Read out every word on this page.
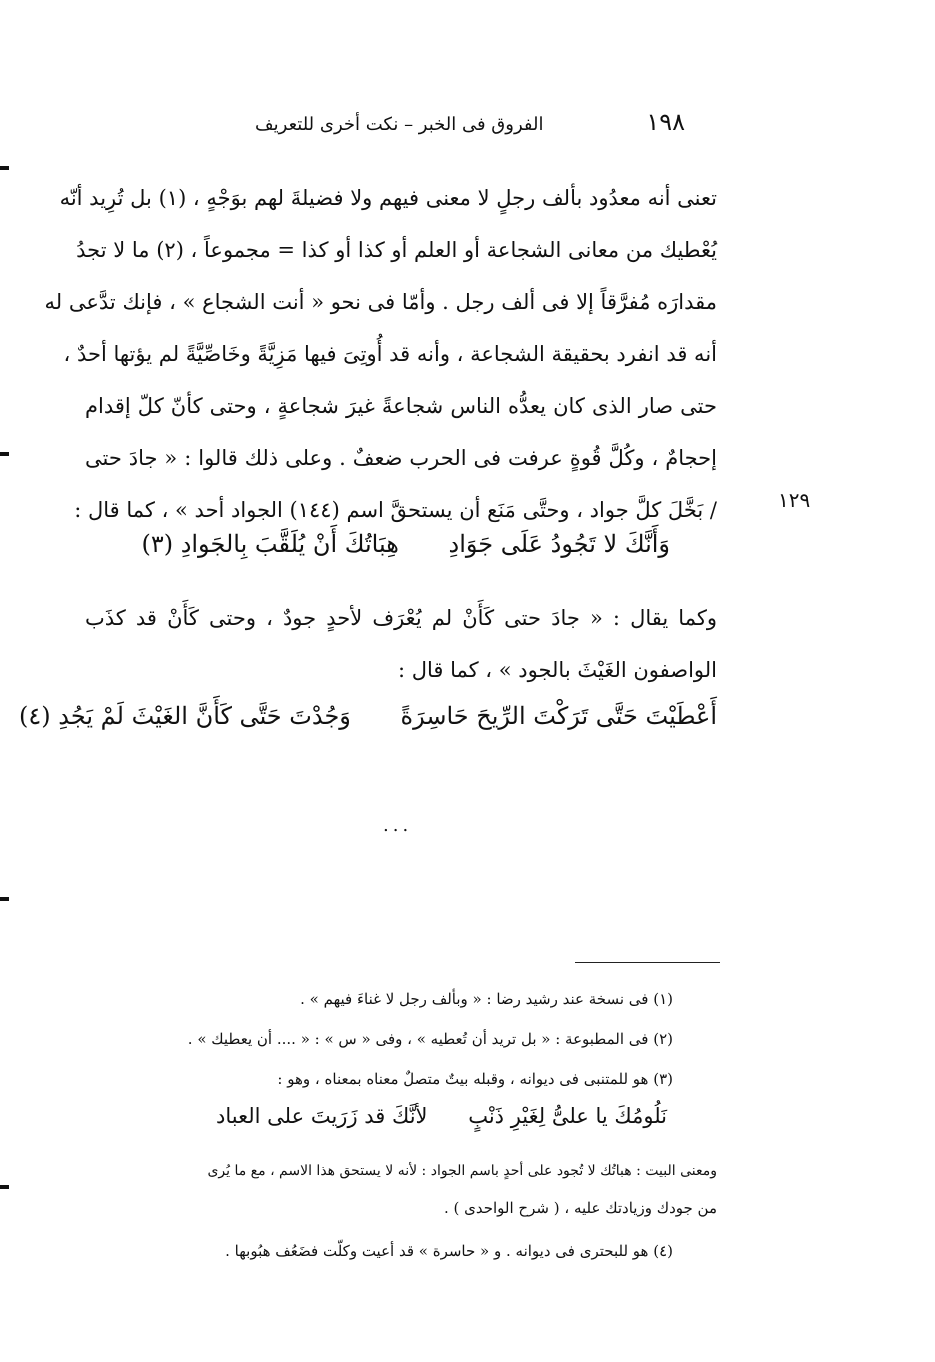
١٩٨
الفروق فى الخبر – نكت أخرى للتعريف
تعنى أنه معدُود بألف رجلٍ لا معنى فيهم ولا فضيلةَ لهم بوَجْهٍ ، (١) بل تُرِيد أنّه
يُعْطيك من معانى الشجاعة أو العلم أو كذا أو كذا = مجموعاً ، (٢) ما لا تجدُ
مقدارَه مُفرَّقاً إلا فى ألف رجل . وأمّا فى نحو « أنت الشجاع » ، فإنك تدَّعى له
أنه قد انفرد بحقيقة الشجاعة ، وأنه قد أُوتِىَ فيها مَزِيَّةً وخَاصِّيَّةً لم يؤتها أحدٌ ،
حتى صار الذى كان يعدُّه الناس شجاعةً غيرَ شجاعةٍ ، وحتى كأنّ كلّ إقدام
إحجامٌ ، وكُلَّ قُوةٍ عرفت فى الحرب ضعفٌ . وعلى ذلك قالوا : « جادَ حتى
/ بَخَّلَ كلَّ جواد ، وحتَّى مَنَع أن يستحقَّ اسم (١٤٤) الجواد أحد » ، كما قال :	١٢٩
وَأَنَّكَ لا تَجُودُ عَلَى جَوَادِ هِبَاتُكَ أَنْ يُلَقَّبَ بِالجَوادِ (٣)
وكما يقال : « جادَ حتى كَأَنْ لم يُعْرَف لأحدٍ جودٌ ، وحتى كَأَنْ قد كذَب
الواصفون الغَيْثَ بالجود » ، كما قال :
أَعْطَيْتَ حَتَّى تَرَكْتَ الرِّيحَ حَاسِرَةً وَجُدْتَ حَتَّى كَأَنَّ الغَيْثَ لَمْ يَجُدِ (٤)
...
(١) فى نسخة عند رشيد رضا : « وبألف رجل لا غناءَ فيهم » .
(٢) فى المطبوعة : « بل تريد أن تُعطيه » ، وفى « س » : « .... أن يعطيك » .
(٣) هو للمتنبى فى ديوانه ، وقبله بيتٌ متصلٌ معناه بمعناه ، وهو :
نَلُومُكَ يا علىُّ لِغَيْرِ ذَنْبٍ لأنَّكَ قد زَرَيتَ على العباد
ومعنى البيت : هباتُك لا تُجود على أحدٍ باسم الجواد : لأنه لا يستحق هذا الاسم ، مع ما يُرى
من جودك وزيادتك عليه ، ( شرح الواحدى ) .
(٤) هو للبحترى فى ديوانه . و « حاسرة » قد أعيت وكلّت فضَعُف هبُوبها .
